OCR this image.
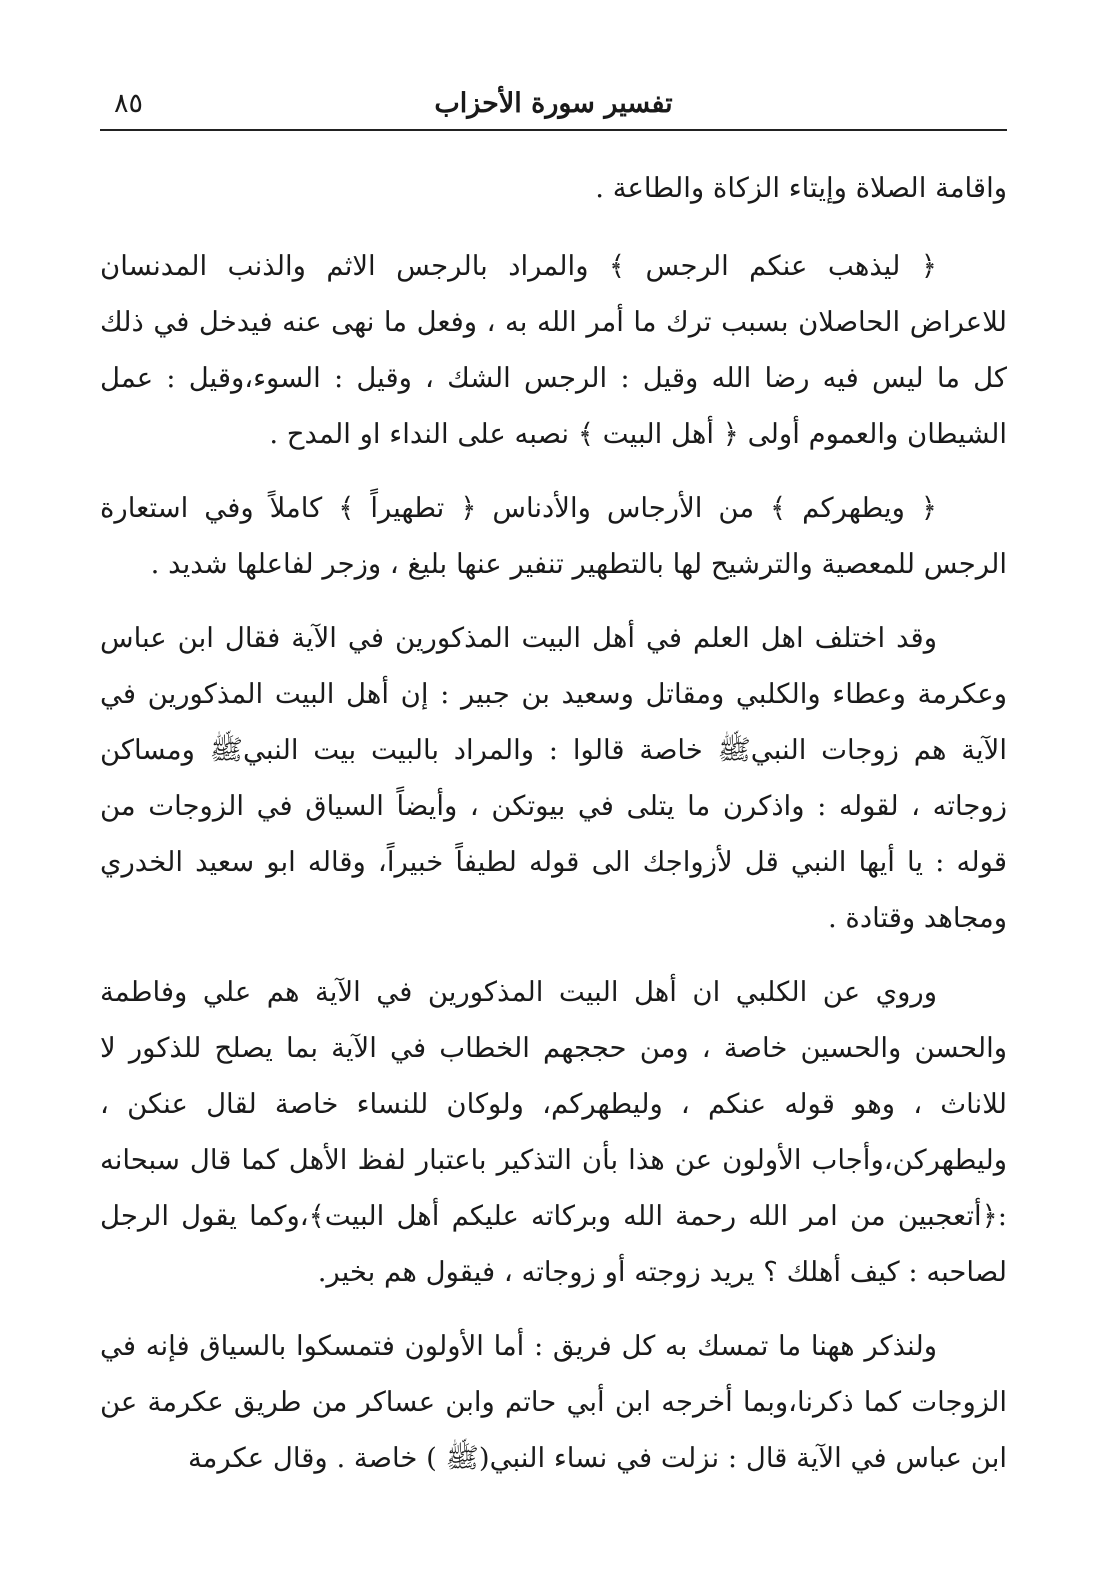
تفسير سورة الأحزاب
٨٥

واقامة الصلاة وإيتاء الزكاة والطاعة .

﴿ ليذهب عنكم الرجس ﴾ والمراد بالرجس الاثم والذنب المدنسان للاعراض الحاصلان بسبب ترك ما أمر الله به ، وفعل ما نهى عنه فيدخل في ذلك كل ما ليس فيه رضا الله وقيل : الرجس الشك ، وقيل : السوء،وقيل : عمل الشيطان والعموم أولى ﴿ أهل البيت ﴾ نصبه على النداء او المدح .

﴿ ويطهركم ﴾ من الأرجاس والأدناس ﴿ تطهيراً ﴾ كاملاً وفي استعارة الرجس للمعصية والترشيح لها بالتطهير تنفير عنها بليغ ، وزجر لفاعلها شديد .

وقد اختلف اهل العلم في أهل البيت المذكورين في الآية فقال ابن عباس وعكرمة وعطاء والكلبي ومقاتل وسعيد بن جبير : إن أهل البيت المذكورين في الآية هم زوجات النبيﷺ خاصة قالوا : والمراد بالبيت بيت النبيﷺ ومساكن زوجاته ، لقوله : واذكرن ما يتلى في بيوتكن ، وأيضاً السياق في الزوجات من قوله : يا أيها النبي قل لأزواجك الى قوله لطيفاً خبيراً، وقاله ابو سعيد الخدري ومجاهد وقتادة .

وروي عن الكلبي ان أهل البيت المذكورين في الآية هم علي وفاطمة والحسن والحسين خاصة ، ومن حججهم الخطاب في الآية بما يصلح للذكور لا للاناث ، وهو قوله عنكم ، وليطهركم، ولوكان للنساء خاصة لقال عنكن ، وليطهركن،وأجاب الأولون عن هذا بأن التذكير باعتبار لفظ الأهل كما قال سبحانه :﴿أتعجبين من امر الله رحمة الله وبركاته عليكم أهل البيت﴾،وكما يقول الرجل لصاحبه : كيف أهلك ؟ يريد زوجته أو زوجاته ، فيقول هم بخير.

ولنذكر ههنا ما تمسك به كل فريق : أما الأولون فتمسكوا بالسياق فإنه في الزوجات كما ذكرنا،وبما أخرجه ابن أبي حاتم وابن عساكر من طريق عكرمة عن ابن عباس في الآية قال : نزلت في نساء النبي(ﷺ ) خاصة . وقال عكرمة
